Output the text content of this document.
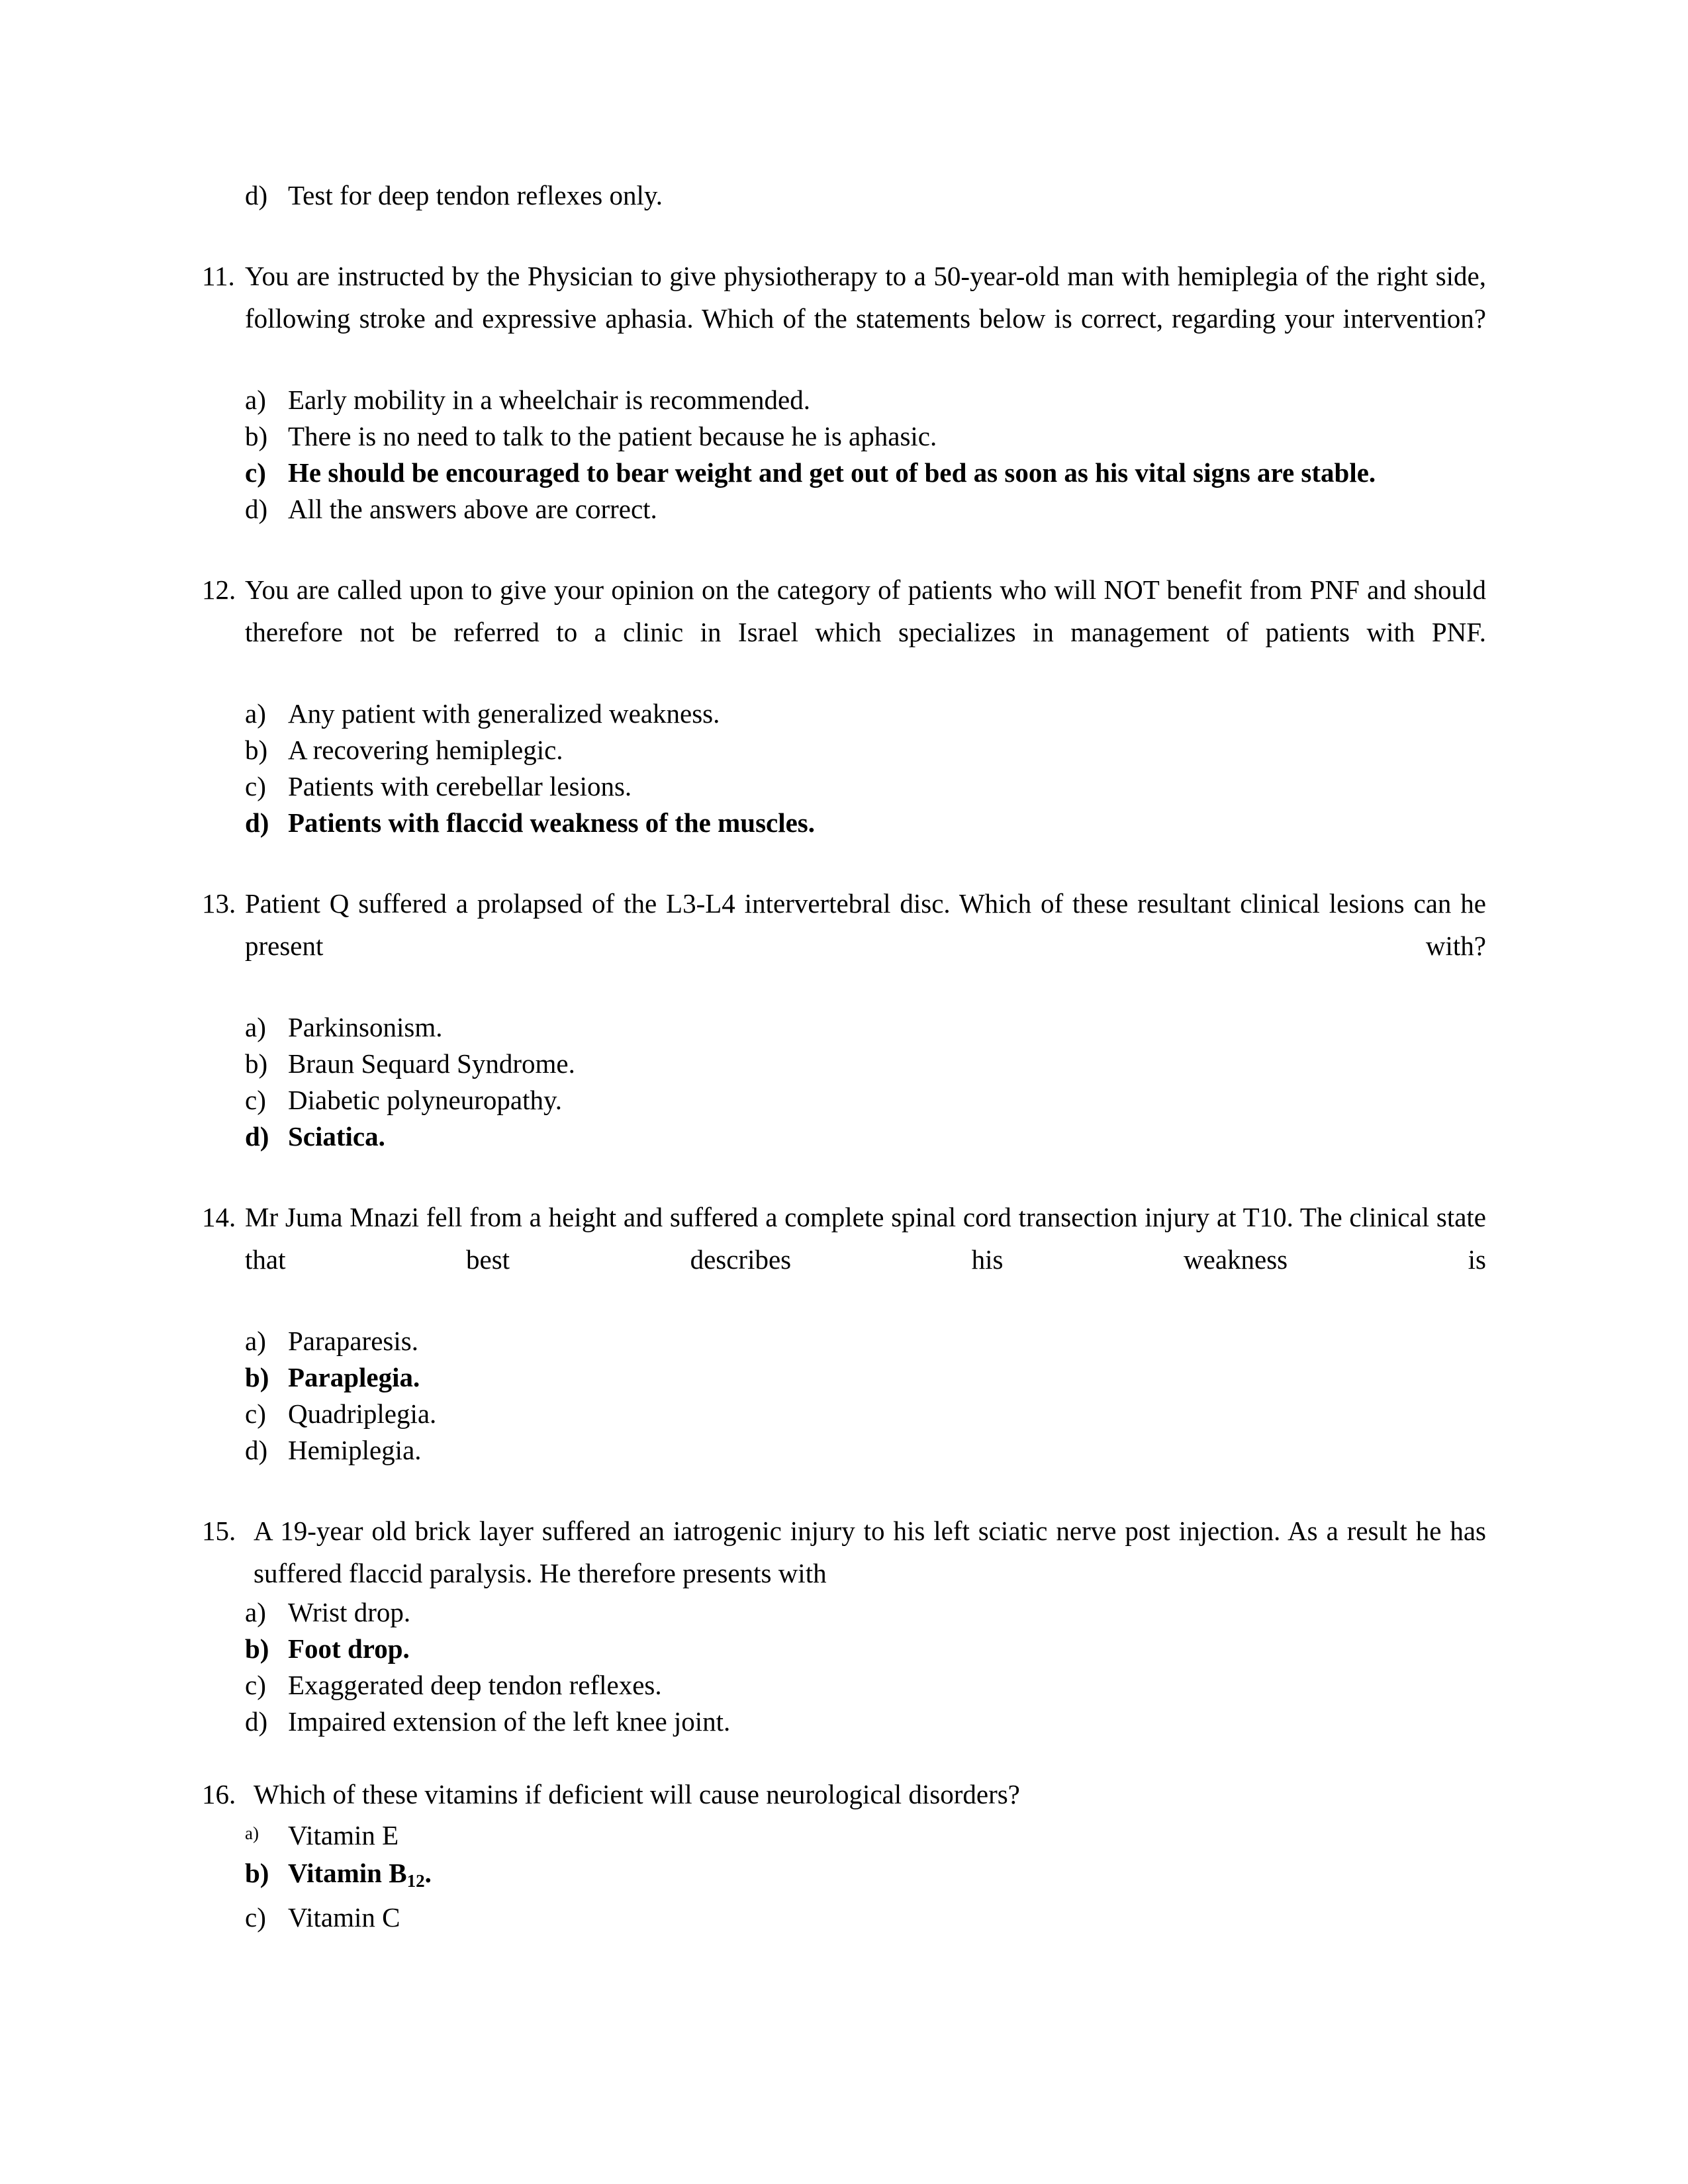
d) Test for deep tendon reflexes only.
11. You are instructed by the Physician to give physiotherapy to a 50-year-old man with hemiplegia of the right side, following stroke and expressive aphasia. Which of the statements below is correct, regarding your intervention?
a) Early mobility in a wheelchair is recommended.
b) There is no need to talk to the patient because he is aphasic.
c) He should be encouraged to bear weight and get out of bed as soon as his vital signs are stable.
d) All the answers above are correct.
12. You are called upon to give your opinion on the category of patients who will NOT benefit from PNF and should therefore not be referred to a clinic in Israel which specializes in management of patients with PNF.
a) Any patient with generalized weakness.
b) A recovering hemiplegic.
c) Patients with cerebellar lesions.
d) Patients with flaccid weakness of the muscles.
13. Patient Q suffered a prolapsed of the L3-L4 intervertebral disc. Which of these resultant clinical lesions can he present with?
a) Parkinsonism.
b) Braun Sequard Syndrome.
c) Diabetic polyneuropathy.
d) Sciatica.
14. Mr Juma Mnazi fell from a height and suffered a complete spinal cord transection injury at T10. The clinical state that best describes his weakness is
a) Paraparesis.
b) Paraplegia.
c) Quadriplegia.
d) Hemiplegia.
15. A 19-year old brick layer suffered an iatrogenic injury to his left sciatic nerve post injection. As a result he has suffered flaccid paralysis. He therefore presents with
a) Wrist drop.
b) Foot drop.
c) Exaggerated deep tendon reflexes.
d) Impaired extension of the left knee joint.
16. Which of these vitamins if deficient will cause neurological disorders?
a) Vitamin E
b) Vitamin $B_{12}$.
c) Vitamin C
